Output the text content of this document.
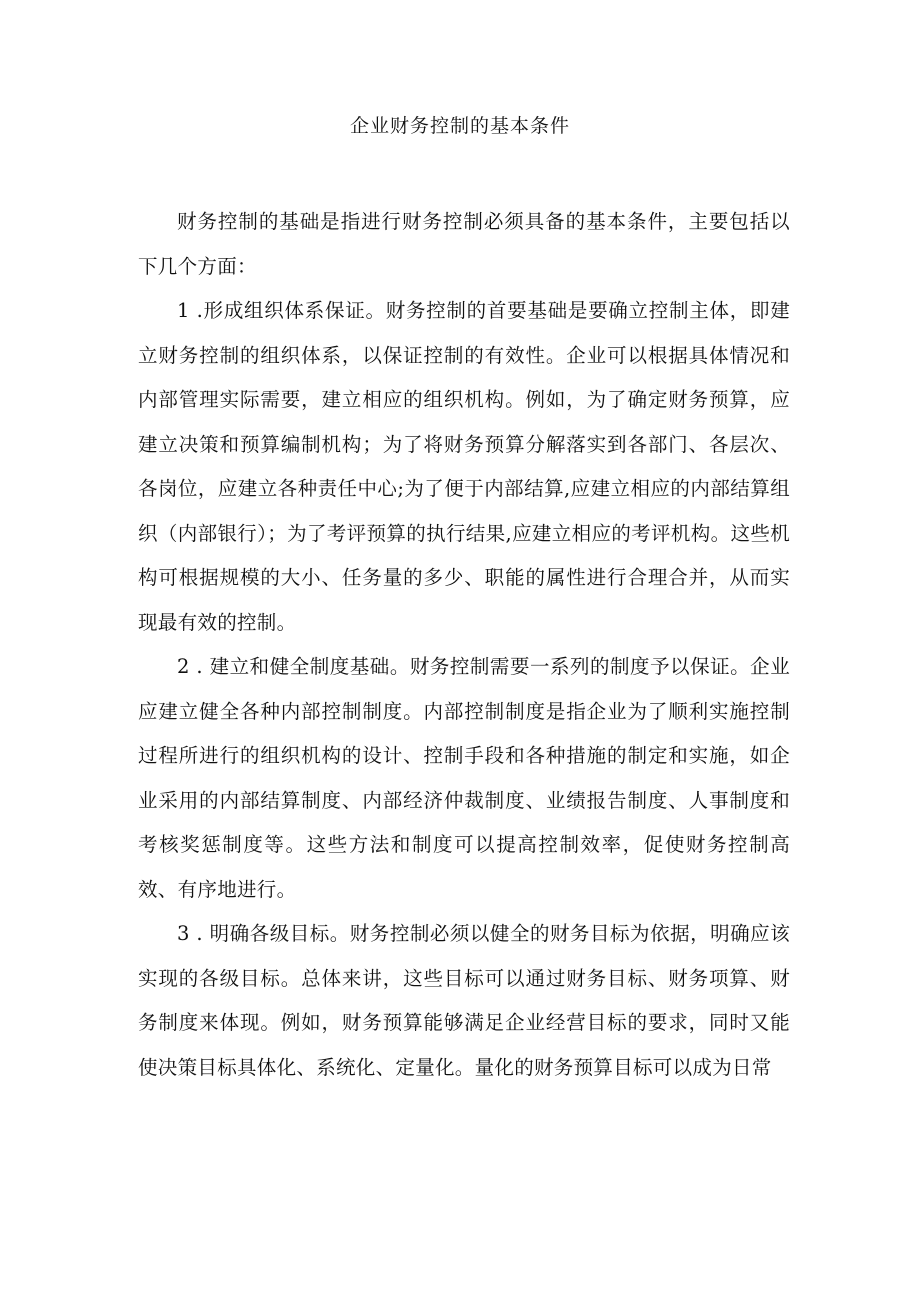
企业财务控制的基本条件

财务控制的基础是指进行财务控制必须具备的基本条件，主要包括以下几个方面：

1 .形成组织体系保证。财务控制的首要基础是要确立控制主体，即建立财务控制的组织体系，以保证控制的有效性。企业可以根据具体情况和内部管理实际需要，建立相应的组织机构。例如，为了确定财务预算，应建立决策和预算编制机构；为了将财务预算分解落实到各部门、各层次、各岗位，应建立各种责任中心;为了便于内部结算,应建立相应的内部结算组织（内部银行）；为了考评预算的执行结果,应建立相应的考评机构。这些机构可根据规模的大小、任务量的多少、职能的属性进行合理合并，从而实现最有效的控制。

2 . 建立和健全制度基础。财务控制需要一系列的制度予以保证。企业应建立健全各种内部控制制度。内部控制制度是指企业为了顺利实施控制过程所进行的组织机构的设计、控制手段和各种措施的制定和实施，如企业采用的内部结算制度、内部经济仲裁制度、业绩报告制度、人事制度和考核奖惩制度等。这些方法和制度可以提高控制效率，促使财务控制高效、有序地进行。

3 . 明确各级目标。财务控制必须以健全的财务目标为依据，明确应该实现的各级目标。总体来讲，这些目标可以通过财务目标、财务项算、财务制度来体现。例如，财务预算能够满足企业经营目标的要求，同时又能使决策目标具体化、系统化、定量化。量化的财务预算目标可以成为日常
